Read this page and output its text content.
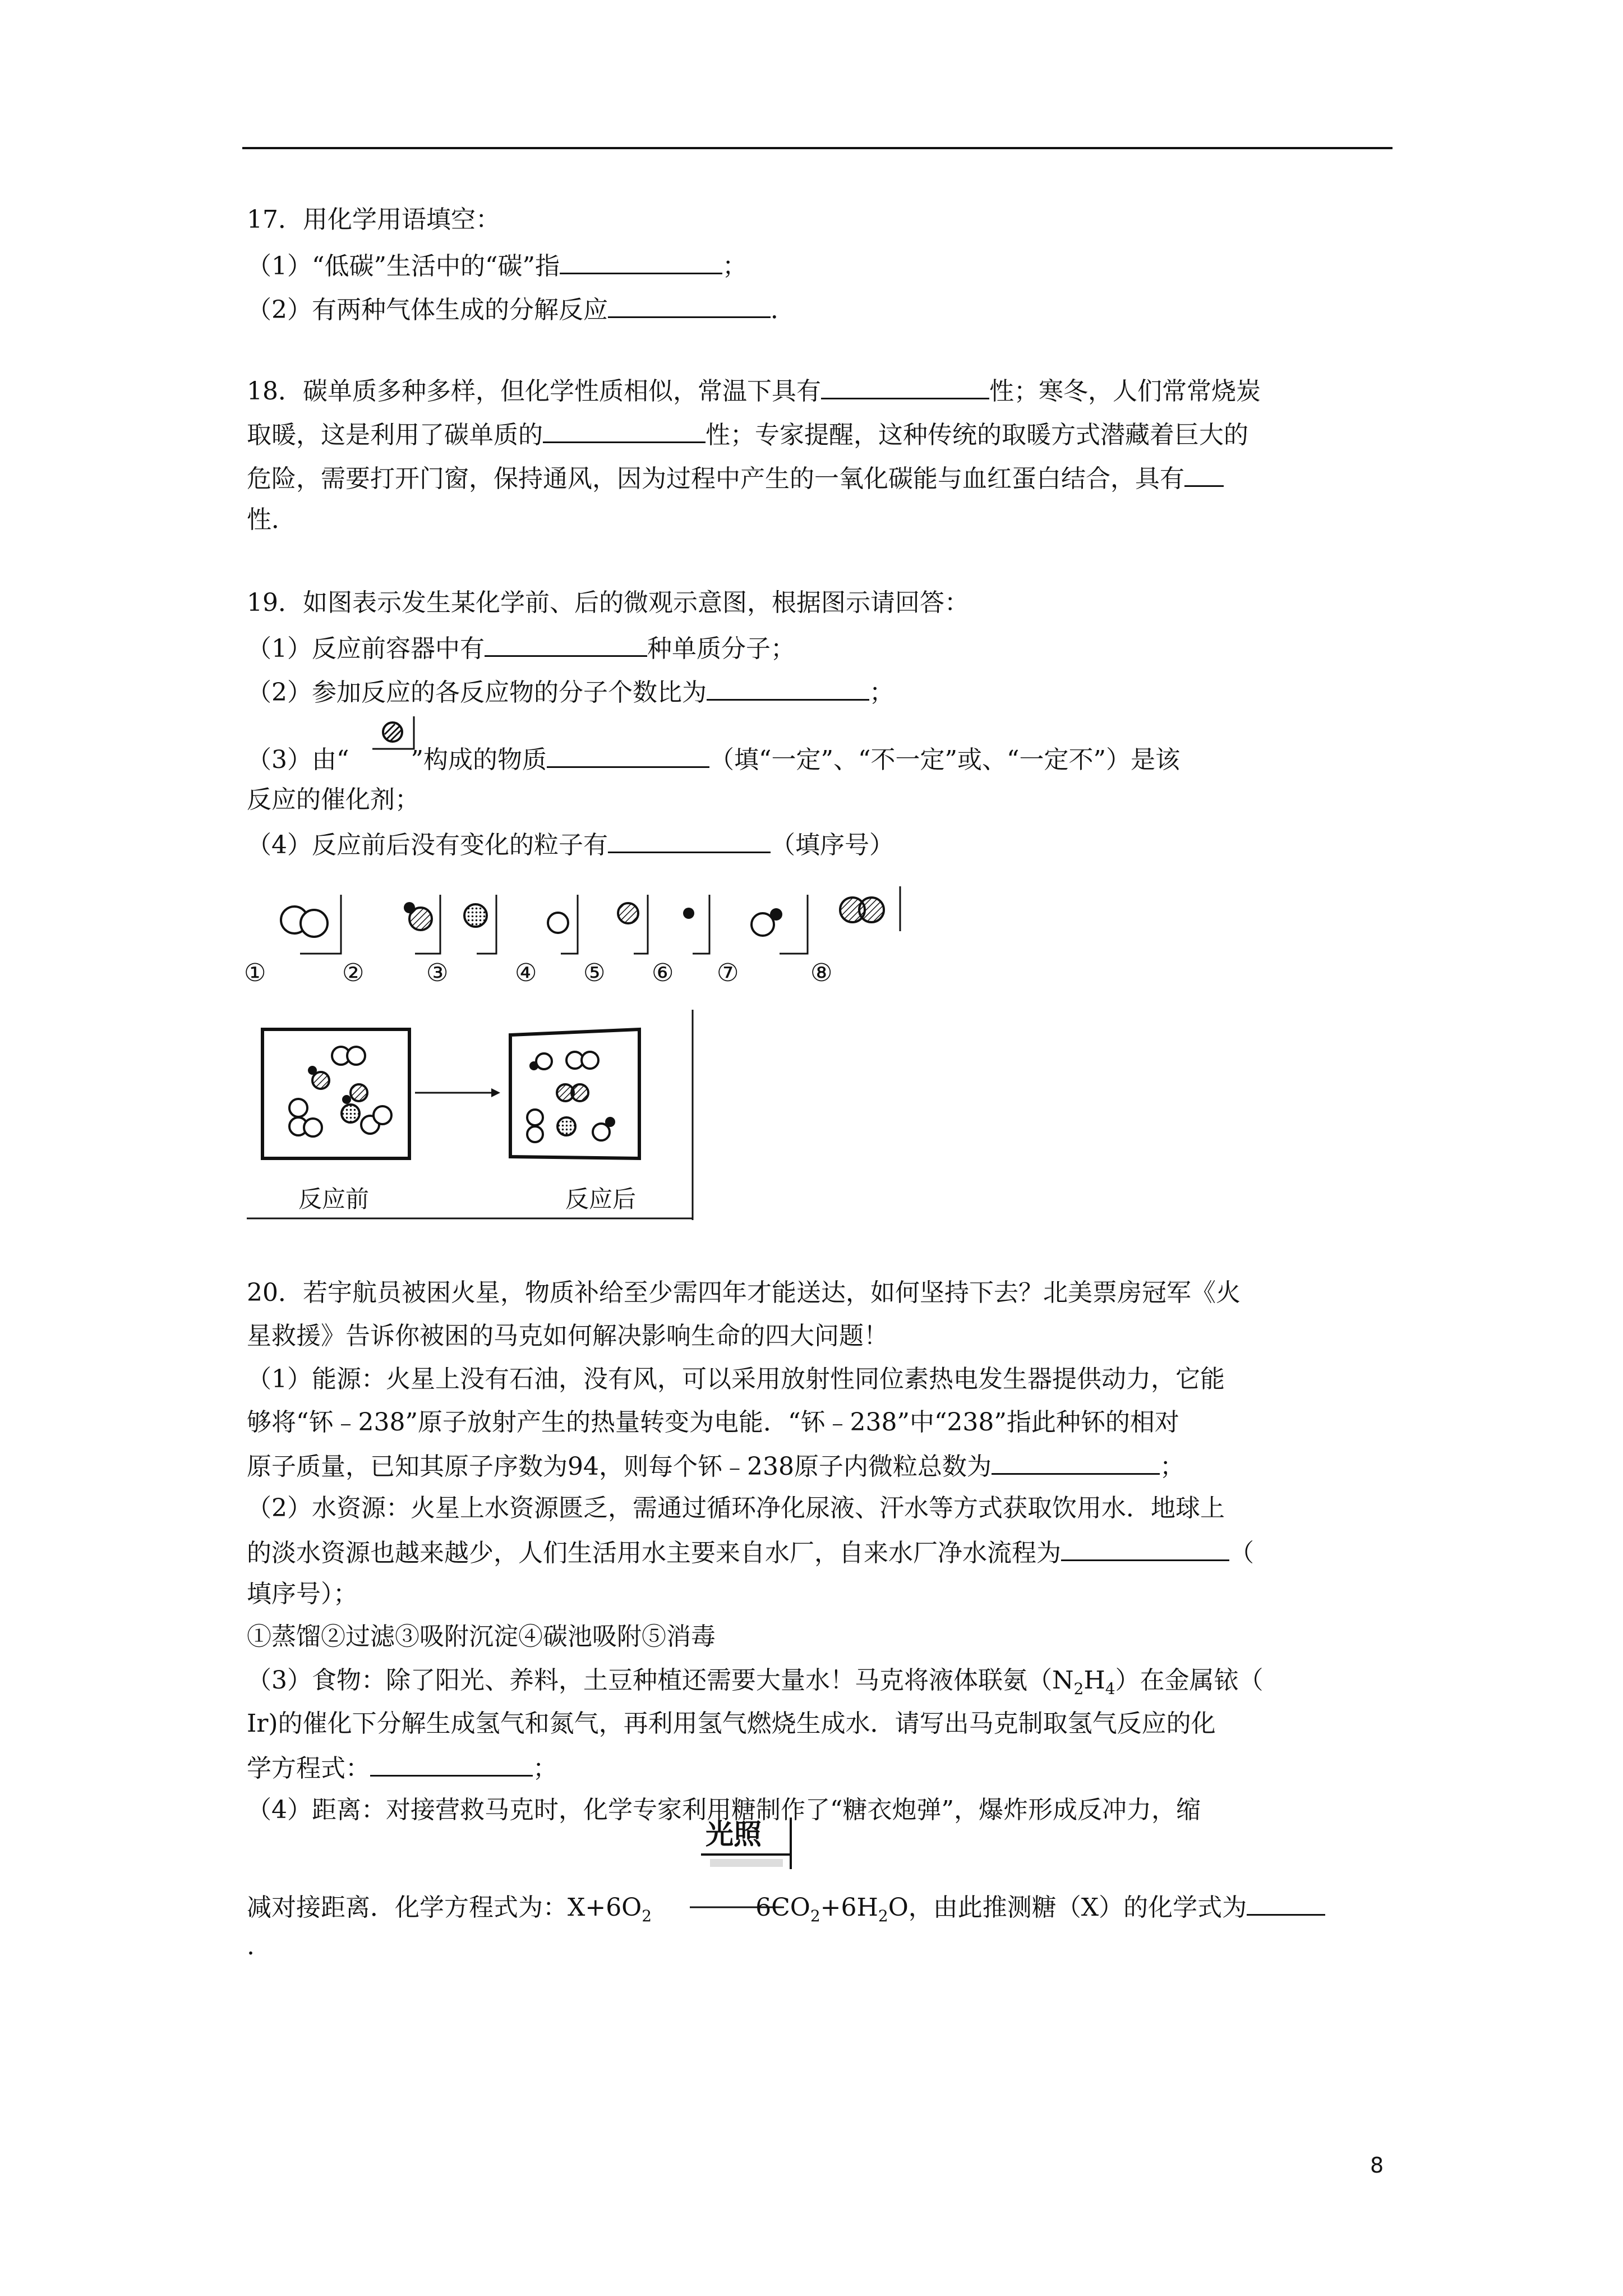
17．用化学用语填空：
（1）“低碳”生活中的“碳”指	；
（2）有两种气体生成的分解反应	．
18．碳单质多种多样，但化学性质相似，常温下具有	性；寒冬，人们常常烧炭
取暖，这是利用了碳单质的	性；专家提醒，这种传统的取暖方式潜藏着巨大的
危险，需要打开门窗，保持通风，因为过程中产生的一氧化碳能与血红蛋白结合，具有
性．
19．如图表示发生某化学前、后的微观示意图，根据图示请回答：
（1）反应前容器中有	种单质分子；
（2）参加反应的各反应物的分子个数比为	；
（3）由“	”构成的物质	（填“一定”、“不一定”或、“一定不”）是该
反应的催化剂；
（4）反应前后没有变化的粒子有	（填序号）
①	②	③	④ ⑤ ⑥ ⑦	⑧
反应前	反应后
20．若宇航员被困火星，物质补给至少需四年才能送达，如何坚持下去？北美票房冠军《火
星救援》告诉你被困的马克如何解决影响生命的四大问题！
（1）能源：火星上没有石油，没有风，可以采用放射性同位素热电发生器提供动力，它能
够将“钚﹣238”原子放射产生的热量转变为电能．“钚﹣238”中“238”指此种钚的相对
原子质量，已知其原子序数为94，则每个钚﹣238原子内微粒总数为	；
（2）水资源：火星上水资源匮乏，需通过循环净化尿液、汗水等方式获取饮用水．地球上
的淡水资源也越来越少，人们生活用水主要来自水厂，自来水厂净水流程为	（
填序号）；
①蒸馏②过滤③吸附沉淀④碳池吸附⑤消毒
（3）食物：除了阳光、养料，土豆种植还需要大量水！马克将液体联氨$(N_2H_4)$在金属铱（
Ir)的催化下分解生成氢气和氮气，再利用氢气燃烧生成水．请写出马克制取氢气反应的化
学方程式：	；
（4）距离：对接营救马克时，化学专家利用糖制作了“糖衣炮弹”，爆炸形成反冲力，缩
光照
减对接距离．化学方程式为：$X+6O_2$	$6CO_2+6H_2O$，由此推测糖（X）的化学式为
.
8
